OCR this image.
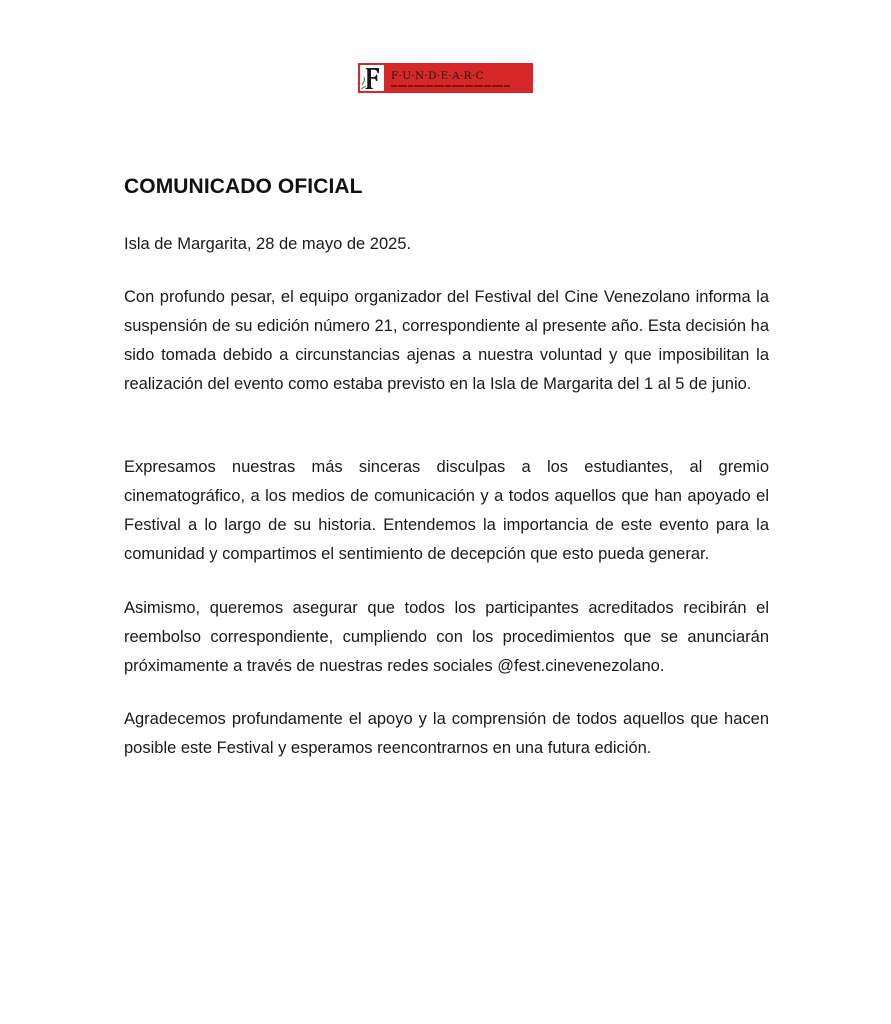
F·U·N·D·E·A·R·C
COMUNICADO OFICIAL
Isla de Margarita, 28 de mayo de 2025.

Con profundo pesar, el equipo organizador del Festival del Cine Venezolano informa la suspensión de su edición número 21, correspondiente al presente año. Esta decisión ha sido tomada debido a circunstancias ajenas a nuestra voluntad y que imposibilitan la realización del evento como estaba previsto en la Isla de Margarita del 1 al 5 de junio.

Expresamos nuestras más sinceras disculpas a los estudiantes, al gremio cinematográfico, a los medios de comunicación y a todos aquellos que han apoyado el Festival a lo largo de su historia. Entendemos la importancia de este evento para la comunidad y compartimos el sentimiento de decepción que esto pueda generar.

Asimismo, queremos asegurar que todos los participantes acreditados recibirán el reembolso correspondiente, cumpliendo con los procedimientos que se anunciarán próximamente a través de nuestras redes sociales @fest.cinevenezolano.

Agradecemos profundamente el apoyo y la comprensión de todos aquellos que hacen posible este Festival y esperamos reencontrarnos en una futura edición.
